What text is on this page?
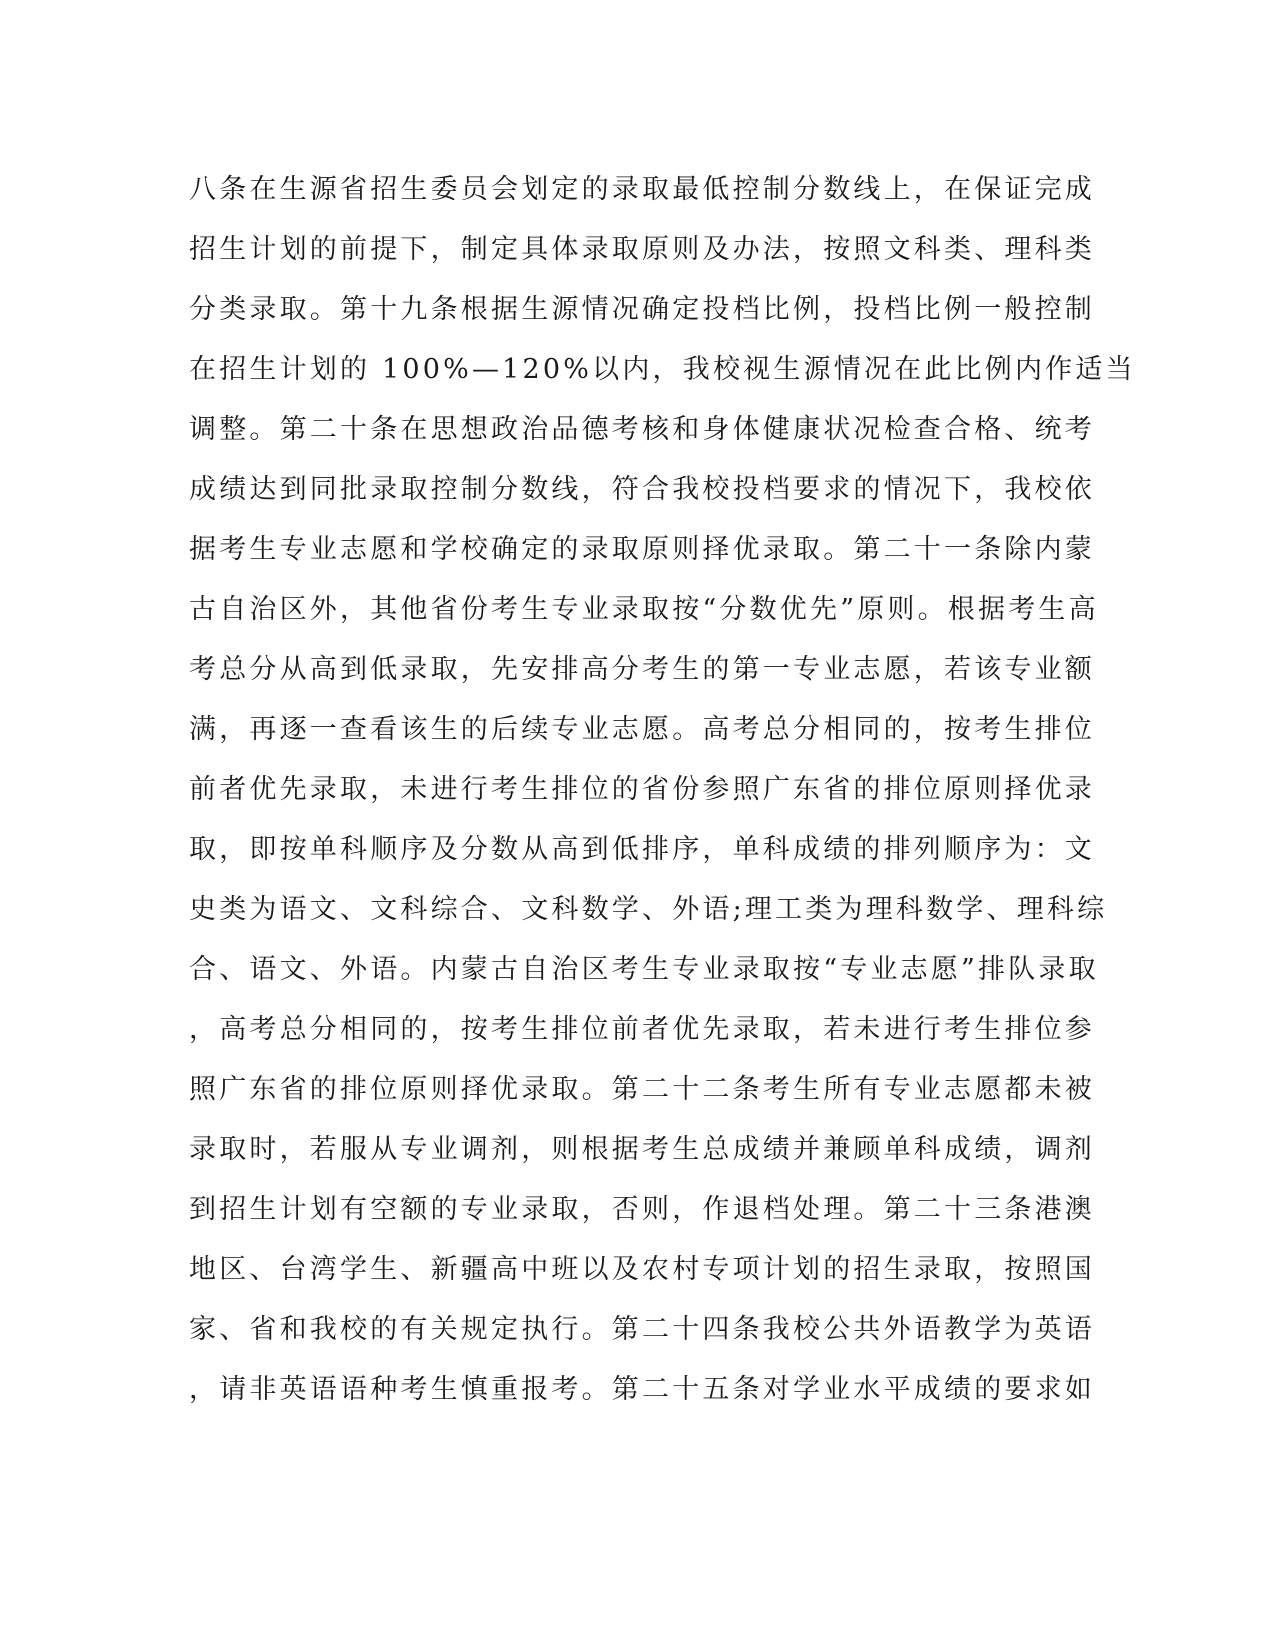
八条在生源省招生委员会划定的录取最低控制分数线上，在保证完成
招生计划的前提下，制定具体录取原则及办法，按照文科类、理科类
分类录取。第十九条根据生源情况确定投档比例，投档比例一般控制
在招生计划的 100%—120%以内，我校视生源情况在此比例内作适当
调整。第二十条在思想政治品德考核和身体健康状况检查合格、统考
成绩达到同批录取控制分数线，符合我校投档要求的情况下，我校依
据考生专业志愿和学校确定的录取原则择优录取。第二十一条除内蒙
古自治区外，其他省份考生专业录取按“分数优先”原则。根据考生高
考总分从高到低录取，先安排高分考生的第一专业志愿，若该专业额
满，再逐一查看该生的后续专业志愿。高考总分相同的，按考生排位
前者优先录取，未进行考生排位的省份参照广东省的排位原则择优录
取，即按单科顺序及分数从高到低排序，单科成绩的排列顺序为：文
史类为语文、文科综合、文科数学、外语;理工类为理科数学、理科综
合、语文、外语。内蒙古自治区考生专业录取按“专业志愿”排队录取
，高考总分相同的，按考生排位前者优先录取，若未进行考生排位参
照广东省的排位原则择优录取。第二十二条考生所有专业志愿都未被
录取时，若服从专业调剂，则根据考生总成绩并兼顾单科成绩，调剂
到招生计划有空额的专业录取，否则，作退档处理。第二十三条港澳
地区、台湾学生、新疆高中班以及农村专项计划的招生录取，按照国
家、省和我校的有关规定执行。第二十四条我校公共外语教学为英语
，请非英语语种考生慎重报考。第二十五条对学业水平成绩的要求如
